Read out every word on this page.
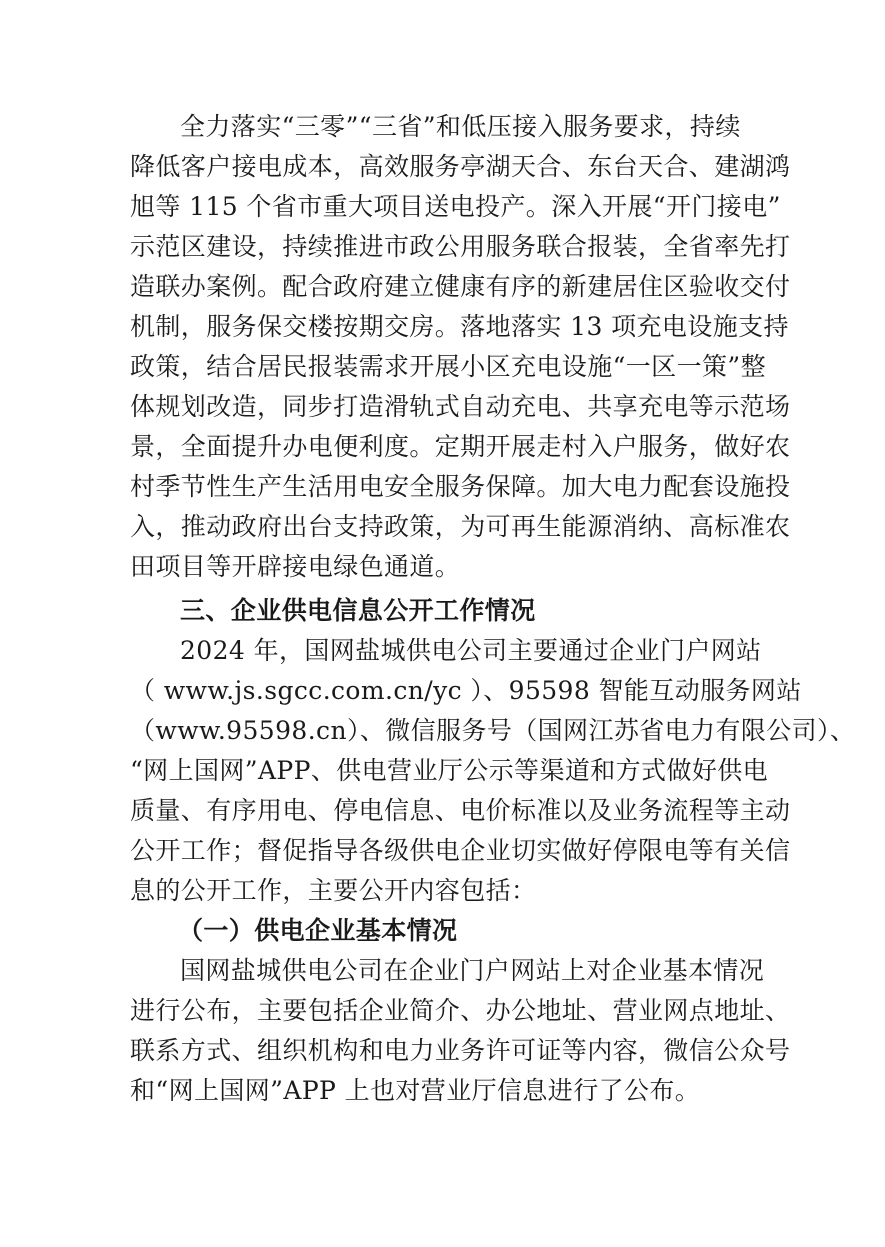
全力落实“三零”“三省”和低压接入服务要求，持续
降低客户接电成本，高效服务亭湖天合、东台天合、建湖鸿
旭等 115 个省市重大项目送电投产。深入开展“开门接电”
示范区建设，持续推进市政公用服务联合报装，全省率先打
造联办案例。配合政府建立健康有序的新建居住区验收交付
机制，服务保交楼按期交房。落地落实 13 项充电设施支持
政策，结合居民报装需求开展小区充电设施“一区一策”整
体规划改造，同步打造滑轨式自动充电、共享充电等示范场
景，全面提升办电便利度。定期开展走村入户服务，做好农
村季节性生产生活用电安全服务保障。加大电力配套设施投
入，推动政府出台支持政策，为可再生能源消纳、高标准农
田项目等开辟接电绿色通道。
三、企业供电信息公开工作情况
2024 年，国网盐城供电公司主要通过企业门户网站
（ www.js.sgcc.com.cn/yc ）、95598 智能互动服务网站
（www.95598.cn）、微信服务号（国网江苏省电力有限公司）、
“网上国网”APP、供电营业厅公示等渠道和方式做好供电
质量、有序用电、停电信息、电价标准以及业务流程等主动
公开工作；督促指导各级供电企业切实做好停限电等有关信
息的公开工作，主要公开内容包括：
（一）供电企业基本情况
国网盐城供电公司在企业门户网站上对企业基本情况
进行公布，主要包括企业简介、办公地址、营业网点地址、
联系方式、组织机构和电力业务许可证等内容，微信公众号
和“网上国网”APP 上也对营业厅信息进行了公布。
